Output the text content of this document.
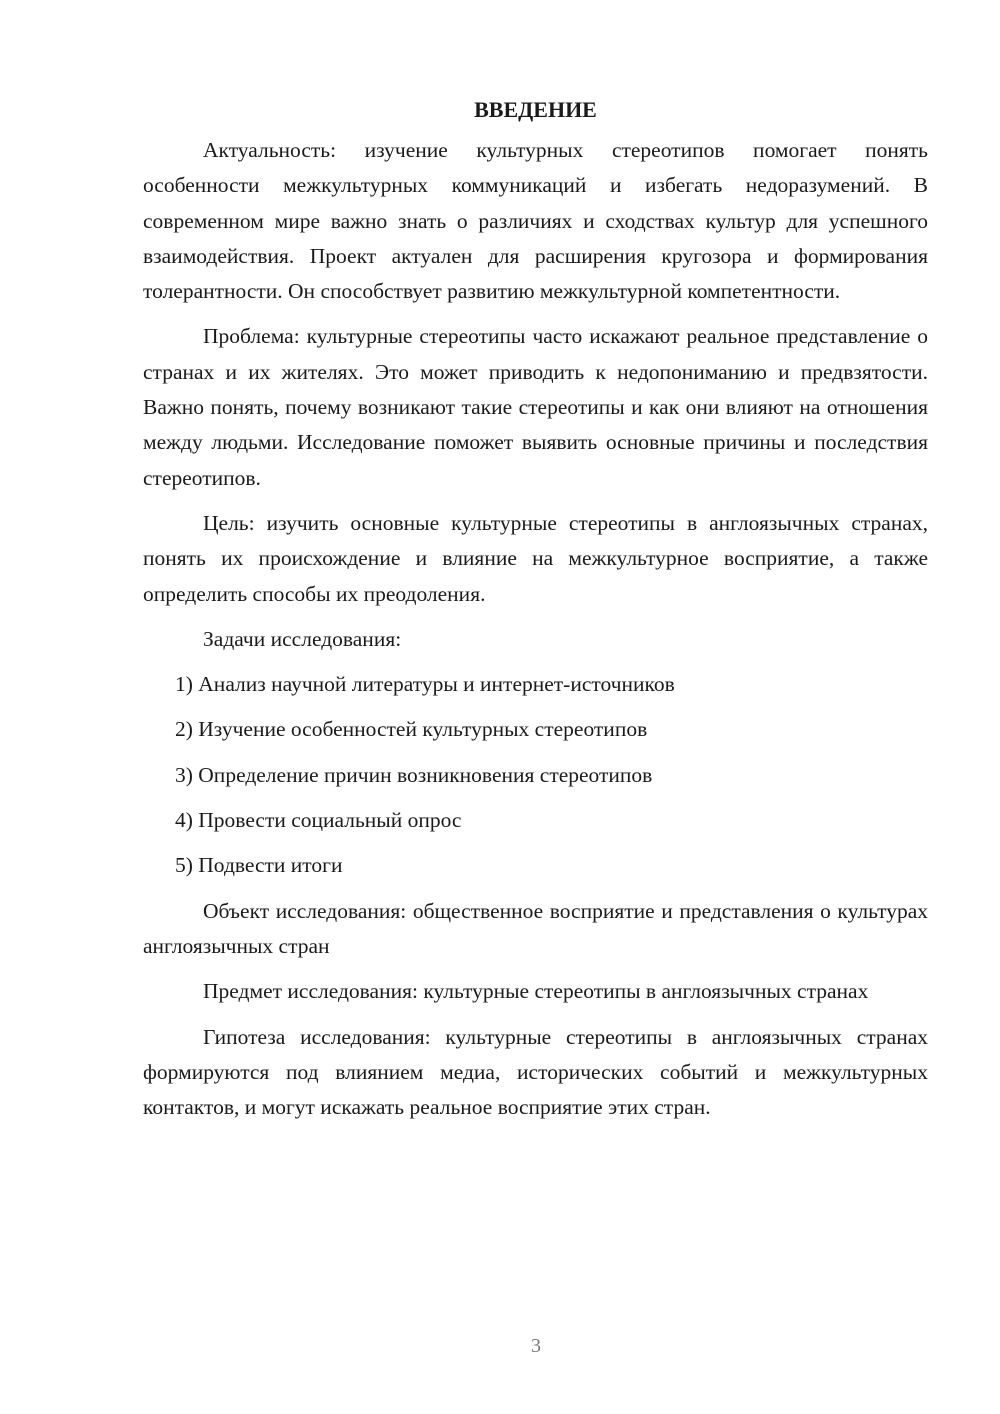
ВВЕДЕНИЕ

Актуальность: изучение культурных стереотипов помогает понять особенности межкультурных коммуникаций и избегать недоразумений. В современном мире важно знать о различиях и сходствах культур для успешного взаимодействия. Проект актуален для расширения кругозора и формирования толерантности. Он способствует развитию межкультурной компетентности.

Проблема: культурные стереотипы часто искажают реальное представление о странах и их жителях. Это может приводить к недопониманию и предвзятости. Важно понять, почему возникают такие стереотипы и как они влияют на отношения между людьми. Исследование поможет выявить основные причины и последствия стереотипов.

Цель: изучить основные культурные стереотипы в англоязычных странах, понять их происхождение и влияние на межкультурное восприятие, а также определить способы их преодоления.

Задачи исследования:

1) Анализ научной литературы и интернет-источников
2) Изучение особенностей культурных стереотипов
3) Определение причин возникновения стереотипов
4) Провести социальный опрос
5) Подвести итоги

Объект исследования: общественное восприятие и представления о культурах англоязычных стран

Предмет исследования: культурные стереотипы в англоязычных странах

Гипотеза исследования: культурные стереотипы в англоязычных странах формируются под влиянием медиа, исторических событий и межкультурных контактов, и могут искажать реальное восприятие этих стран.

3
